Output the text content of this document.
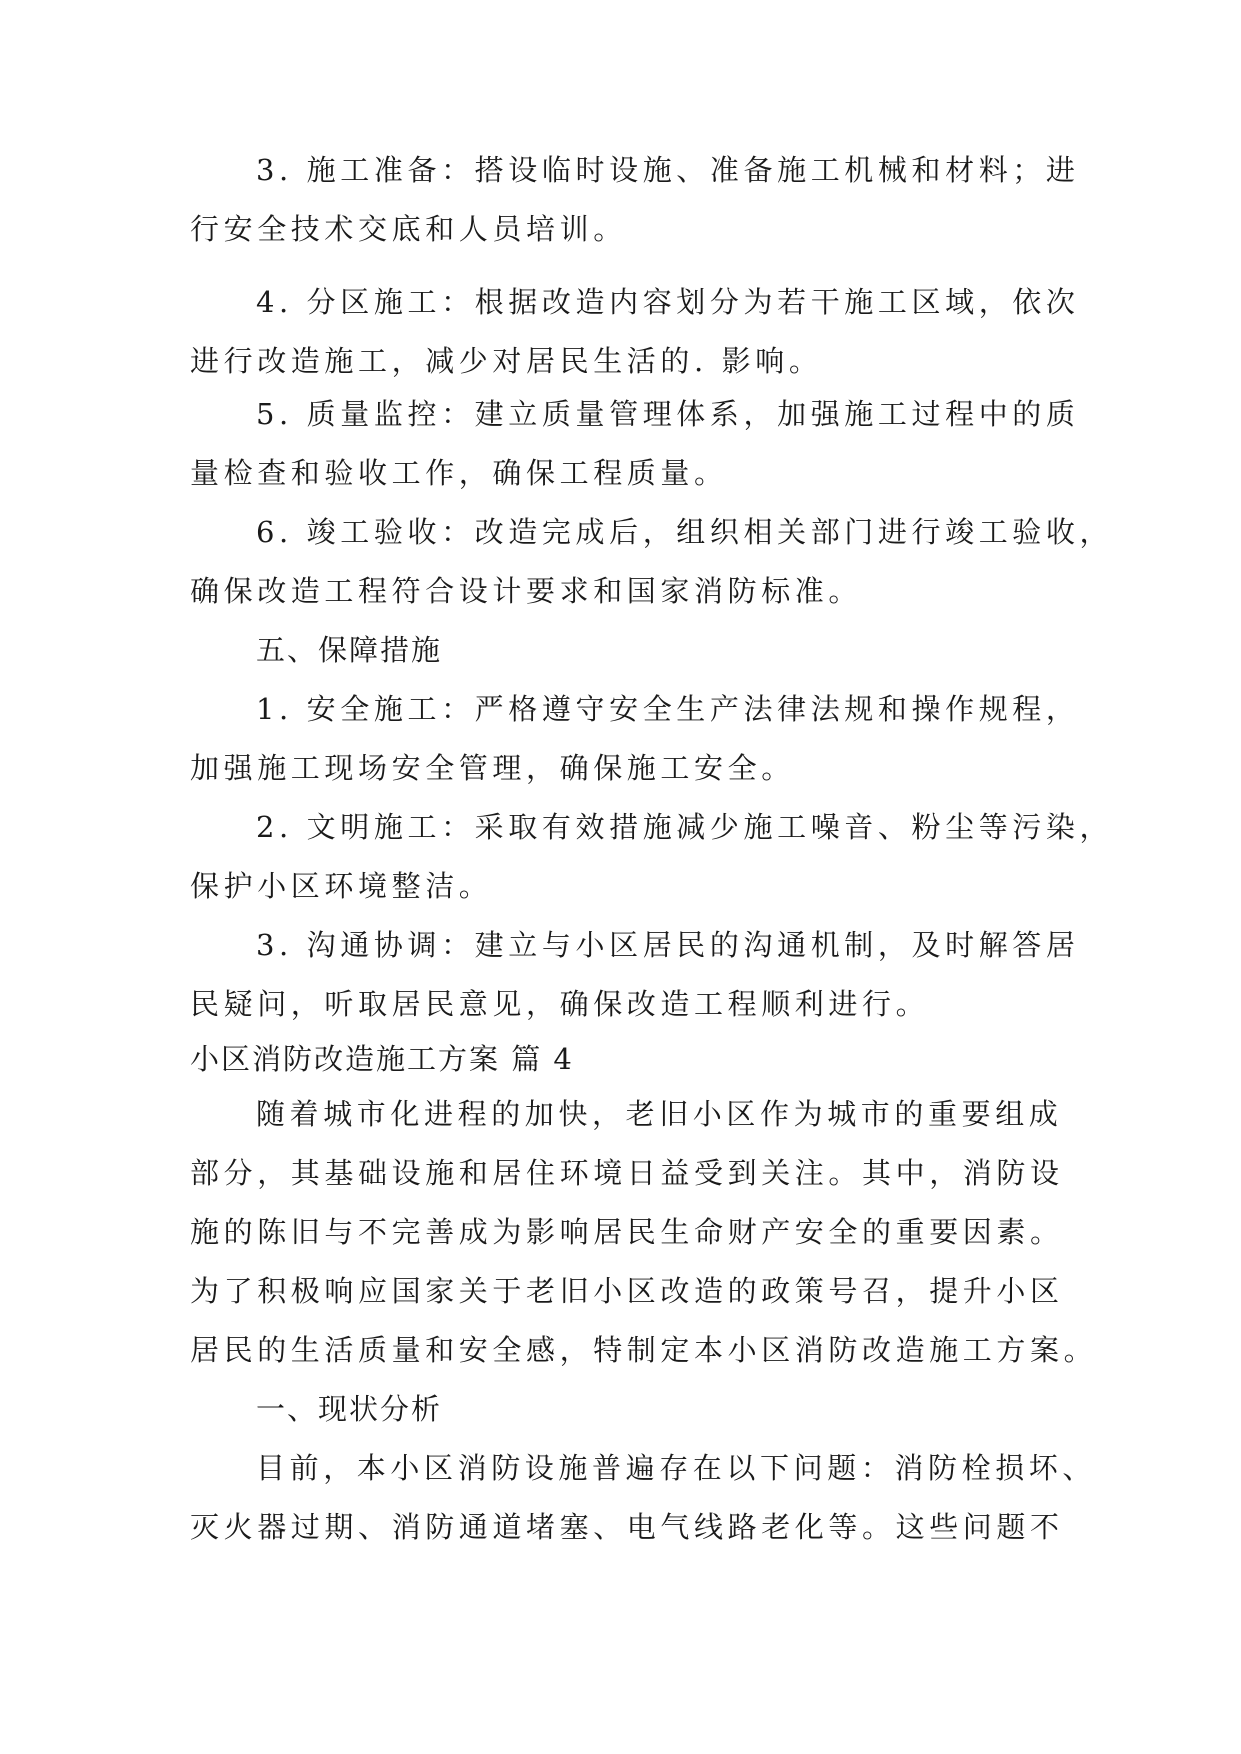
3. 施工准备：搭设临时设施、准备施工机械和材料；进
行安全技术交底和人员培训。
4. 分区施工：根据改造内容划分为若干施工区域，依次
进行改造施工，减少对居民生活的. 影响。
5. 质量监控：建立质量管理体系，加强施工过程中的质
量检查和验收工作，确保工程质量。
6. 竣工验收：改造完成后，组织相关部门进行竣工验收，
确保改造工程符合设计要求和国家消防标准。
五、保障措施
1. 安全施工：严格遵守安全生产法律法规和操作规程，
加强施工现场安全管理，确保施工安全。
2. 文明施工：采取有效措施减少施工噪音、粉尘等污染，
保护小区环境整洁。
3. 沟通协调：建立与小区居民的沟通机制，及时解答居
民疑问，听取居民意见，确保改造工程顺利进行。
小区消防改造施工方案 篇 4
随着城市化进程的加快，老旧小区作为城市的重要组成
部分，其基础设施和居住环境日益受到关注。其中，消防设
施的陈旧与不完善成为影响居民生命财产安全的重要因素。
为了积极响应国家关于老旧小区改造的政策号召，提升小区
居民的生活质量和安全感，特制定本小区消防改造施工方案。
一、现状分析
目前，本小区消防设施普遍存在以下问题：消防栓损坏、
灭火器过期、消防通道堵塞、电气线路老化等。这些问题不
